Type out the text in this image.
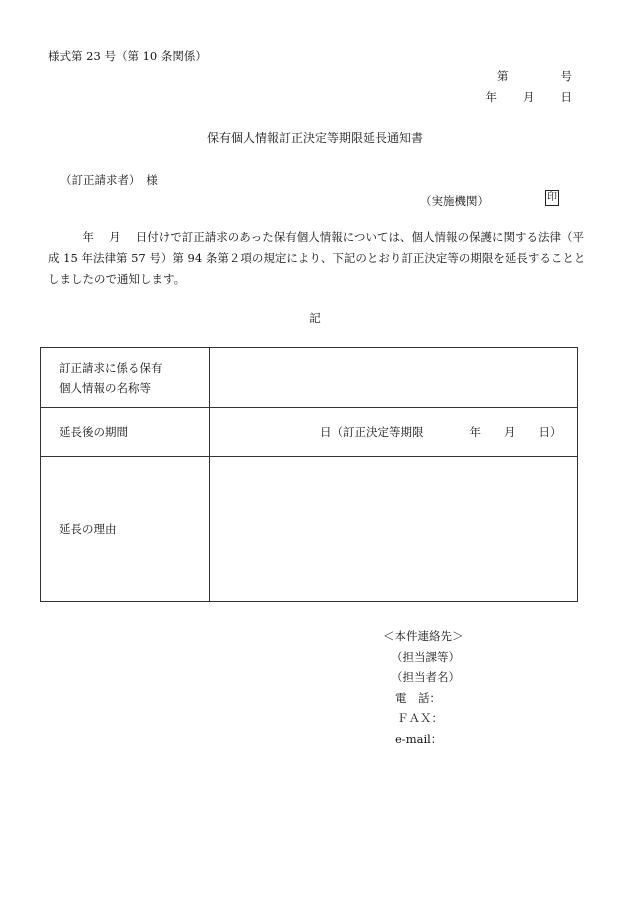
様式第 23 号（第 10 条関係）
第	号
年 月 日
保有個人情報訂正決定等期限延長通知書
（訂正請求者）　様
（実施機関）	印
　　　年　 月　 日付けで訂正請求のあった保有個人情報については、個人情報の保護に関する法律（平成 15 年法律第 57 号）第 94 条第２項の規定により、下記のとおり訂正決定等の期限を延長することとしましたので通知します。
記
訂正請求に係る保有
個人情報の名称等	

延長後の期間	日（訂正決定等期限　　　　年　　月　　日）
延長の理由	
＜本件連絡先＞
（担当課等）
（担当者名）
電　話：
ＦＡＸ：
e-mail：
